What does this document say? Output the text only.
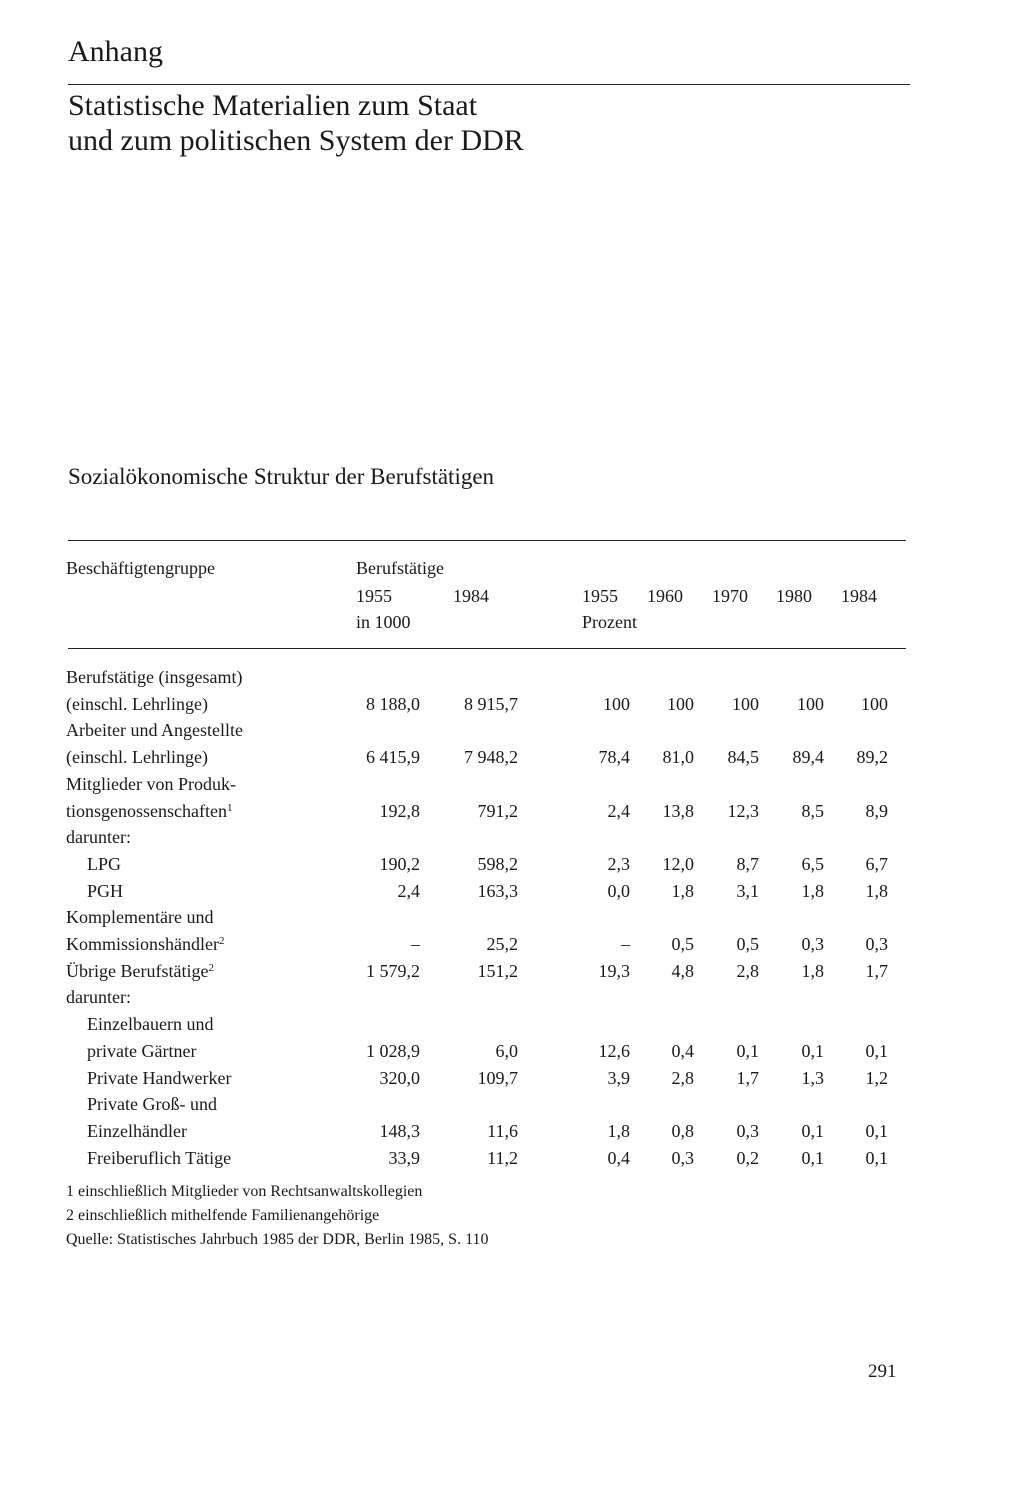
Anhang
Statistische Materialien zum Staat
und zum politischen System der DDR
Sozialökonomische Struktur der Berufstätigen
Beschäftigtengruppe	Berufstätige
1955	1984
in 1000
1955 1960 1970 1980 1984
Prozent
Berufstätige (insgesamt)
(einschl. Lehrlinge)	8 188,0	8 915,7	100	100	100	100	100
Arbeiter und Angestellte
(einschl. Lehrlinge)	6 415,9	7 948,2	78,4	81,0	84,5	89,4	89,2
Mitglieder von Produk-
tionsgenossenschaften$^1$	192,8	791,2	2,4	13,8	12,3	8,5	8,9
darunter:
LPG	190,2	598,2	2,3	12,0	8,7	6,5	6,7
PGH	2,4	163,3	0,0	1,8	3,1	1,8	1,8
Komplementäre und
Kommissionshändler$^2$	–	25,2	–	0,5	0,5	0,3	0,3
Übrige Berufstätige$^2$	1 579,2	151,2	19,3	4,8	2,8	1,8	1,7
darunter:
Einzelbauern und
private Gärtner	1 028,9	6,0	12,6	0,4	0,1	0,1	0,1
Private Handwerker	320,0	109,7	3,9	2,8	1,7	1,3	1,2
Private Groß- und
Einzelhändler	148,3	11,6	1,8	0,8	0,3	0,1	0,1
Freiberuflich Tätige	33,9	11,2	0,4	0,3	0,2	0,1	0,1
1 einschließlich Mitglieder von Rechtsanwaltskollegien
2 einschließlich mithelfende Familienangehörige
Quelle: Statistisches Jahrbuch 1985 der DDR, Berlin 1985, S. 110
291
